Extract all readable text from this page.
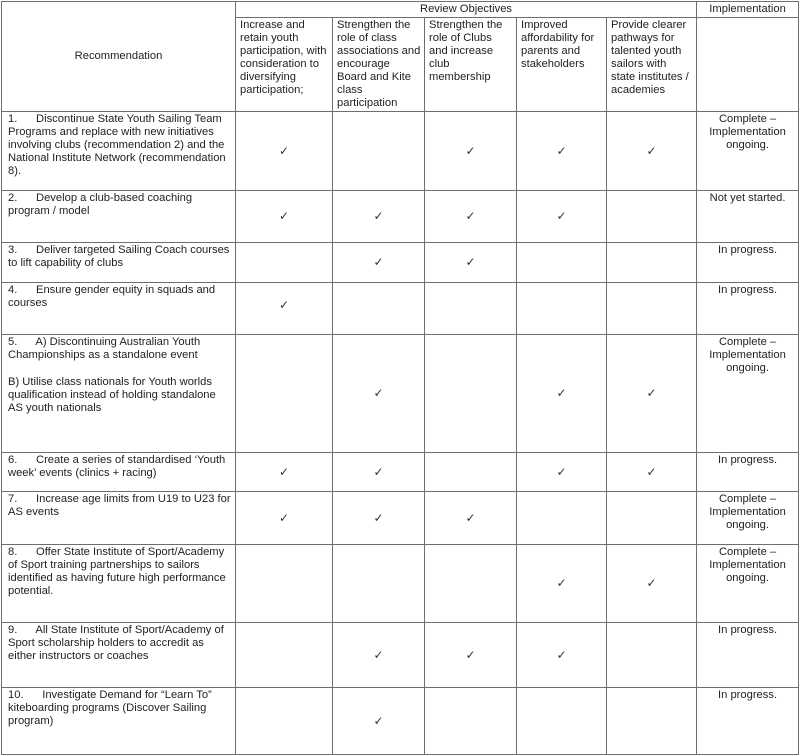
Recommendation	Review Objectives					Implementation
	Increase and retain youth participation, with consideration to diversifying participation;	Strengthen the role of class associations and encourage Board and Kite class participation	Strengthen the role of Clubs and increase club membership	Improved affordability for parents and stakeholders	Provide clearer pathways for talented youth sailors with state institutes / academies	

1. Discontinue State Youth Sailing Team Programs and replace with new initiatives involving clubs (recommendation 2) and the National Institute Network (recommendation 8).	✓		✓	✓	✓	Complete – Implementation ongoing.

2. Develop a club-based coaching program / model	✓	✓	✓	✓		Not yet started.

3. Deliver targeted Sailing Coach courses to lift capability of clubs		✓	✓			In progress.

4. Ensure gender equity in squads and courses	✓					In progress.

5. A) Discontinuing Australian Youth Championships as a standalone event
B) Utilise class nationals for Youth worlds qualification instead of holding standalone AS youth nationals		✓		✓	✓	Complete – Implementation ongoing.

6. Create a series of standardised ‘Youth week’ events (clinics + racing)	✓	✓		✓	✓	In progress.

7. Increase age limits from U19 to U23 for AS events	✓	✓	✓			Complete – Implementation ongoing.

8. Offer State Institute of Sport/Academy of Sport training partnerships to sailors identified as having future high performance potential.				✓	✓	Complete – Implementation ongoing.

9. All State Institute of Sport/Academy of Sport scholarship holders to accredit as either instructors or coaches		✓	✓	✓		In progress.

10. Investigate Demand for “Learn To” kiteboarding programs (Discover Sailing program)		✓				In progress.
